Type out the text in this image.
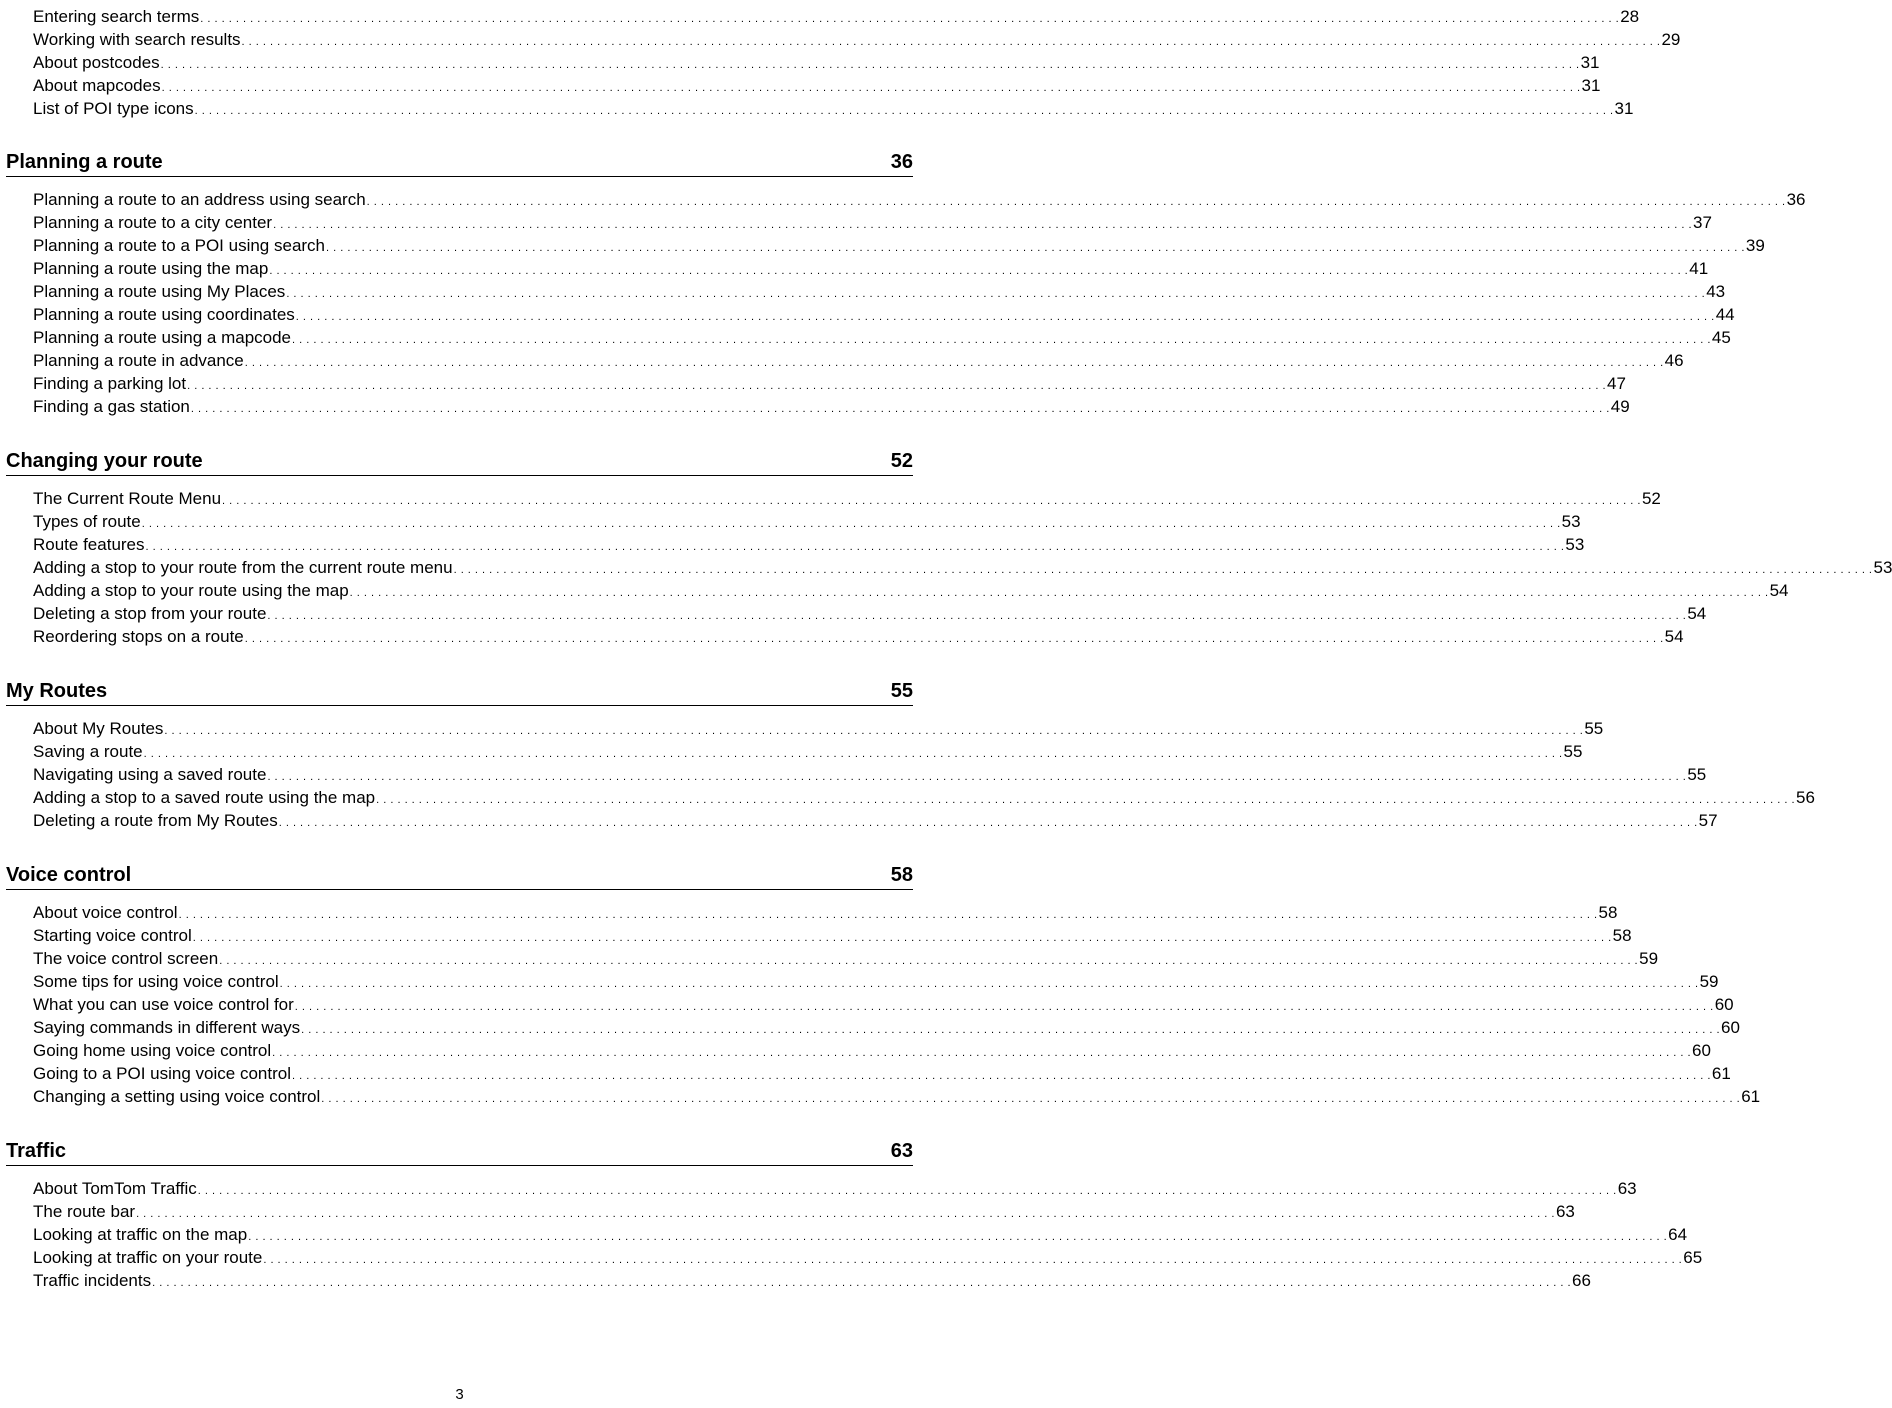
Entering search terms . . . . . . . . . . . . . . . . . . . . . . . . . . . . . . . . . . . . . . . . . . . . . . . . . . . . . . . . . . . . . . . . . . . . . . . . . . . . . . . . . . . . . . . . . . . . . . . . . . . . . . . . . . . . . . . . . . . . . . . . . . . . . . . . . . . . . . . . . . . . . . . . . . . . . . . . . . . . . . . . . . . . . . . . . . . . . . . . . . . . . . . . . . . . . . . . . . . . . . . . 28
Working with search results . . . . . . . . . . . . . . . . . . . . . . . . . . . . . . . . . . . . . . . . . . . . . . . . . . . . . . . . . . . . . . . . . . . . . . . . . . . . . . . . . . . . . . . . . . . . . . . . . . . . . . . . . . . . . . . . . . . . . . . . . . . . . . . . . . . . . . . . . . . . . . . . . . . . . . . . . . . . . . . . . . . . . . . . . . . . . . . . . . . . . . . . . . . . . . . . . . . . . . . . 29
About postcodes . . . . . . . . . . . . . . . . . . . . . . . . . . . . . . . . . . . . . . . . . . . . . . . . . . . . . . . . . . . . . . . . . . . . . . . . . . . . . . . . . . . . . . . . . . . . . . . . . . . . . . . . . . . . . . . . . . . . . . . . . . . . . . . . . . . . . . . . . . . . . . . . . . . . . . . . . . . . . . . . . . . . . . . . . . . . . . . . . . . . . . . . . . . . . . . . . . . . . . . . 31
About mapcodes . . . . . . . . . . . . . . . . . . . . . . . . . . . . . . . . . . . . . . . . . . . . . . . . . . . . . . . . . . . . . . . . . . . . . . . . . . . . . . . . . . . . . . . . . . . . . . . . . . . . . . . . . . . . . . . . . . . . . . . . . . . . . . . . . . . . . . . . . . . . . . . . . . . . . . . . . . . . . . . . . . . . . . . . . . . . . . . . . . . . . . . . . . . . . . . . . . . . . . . . 31
List of POI type icons . . . . . . . . . . . . . . . . . . . . . . . . . . . . . . . . . . . . . . . . . . . . . . . . . . . . . . . . . . . . . . . . . . . . . . . . . . . . . . . . . . . . . . . . . . . . . . . . . . . . . . . . . . . . . . . . . . . . . . . . . . . . . . . . . . . . . . . . . . . . . . . . . . . . . . . . . . . . . . . . . . . . . . . . . . . . . . . . . . . . . . . . . . . . . . . . . . . . . . . . 31
Planning a route	36
Planning a route to an address using search . . . . . . . . . . . . . . . . . . . . . . . . . . . . . . . . . . . . . . . . . . . . . . . . . . . . . . . . . . . . . . . . . . . . . . . . . . . . . . . . . . . . . . . . . . . . . . . . . . . . . . . . . . . . . . . . . . . . . . . . . . . . . . . . . . . . . . . . . . . . . . . . . . . . . . . . . . . . . . . . . . . . . . . . . . . . . . . . . . . . . . . . . . . . . . . . . . . . . . . . 36
Planning a route to a city center . . . . . . . . . . . . . . . . . . . . . . . . . . . . . . . . . . . . . . . . . . . . . . . . . . . . . . . . . . . . . . . . . . . . . . . . . . . . . . . . . . . . . . . . . . . . . . . . . . . . . . . . . . . . . . . . . . . . . . . . . . . . . . . . . . . . . . . . . . . . . . . . . . . . . . . . . . . . . . . . . . . . . . . . . . . . . . . . . . . . . . . . . . . . . . . . . . . . . . . . 37
Planning a route to a POI using search . . . . . . . . . . . . . . . . . . . . . . . . . . . . . . . . . . . . . . . . . . . . . . . . . . . . . . . . . . . . . . . . . . . . . . . . . . . . . . . . . . . . . . . . . . . . . . . . . . . . . . . . . . . . . . . . . . . . . . . . . . . . . . . . . . . . . . . . . . . . . . . . . . . . . . . . . . . . . . . . . . . . . . . . . . . . . . . . . . . . . . . . . . . . . . . . . . . . . . . . 39
Planning a route using the map . . . . . . . . . . . . . . . . . . . . . . . . . . . . . . . . . . . . . . . . . . . . . . . . . . . . . . . . . . . . . . . . . . . . . . . . . . . . . . . . . . . . . . . . . . . . . . . . . . . . . . . . . . . . . . . . . . . . . . . . . . . . . . . . . . . . . . . . . . . . . . . . . . . . . . . . . . . . . . . . . . . . . . . . . . . . . . . . . . . . . . . . . . . . . . . . . . . . . . . . 41
Planning a route using My Places . . . . . . . . . . . . . . . . . . . . . . . . . . . . . . . . . . . . . . . . . . . . . . . . . . . . . . . . . . . . . . . . . . . . . . . . . . . . . . . . . . . . . . . . . . . . . . . . . . . . . . . . . . . . . . . . . . . . . . . . . . . . . . . . . . . . . . . . . . . . . . . . . . . . . . . . . . . . . . . . . . . . . . . . . . . . . . . . . . . . . . . . . . . . . . . . . . . . . . . . 43
Planning a route using coordinates . . . . . . . . . . . . . . . . . . . . . . . . . . . . . . . . . . . . . . . . . . . . . . . . . . . . . . . . . . . . . . . . . . . . . . . . . . . . . . . . . . . . . . . . . . . . . . . . . . . . . . . . . . . . . . . . . . . . . . . . . . . . . . . . . . . . . . . . . . . . . . . . . . . . . . . . . . . . . . . . . . . . . . . . . . . . . . . . . . . . . . . . . . . . . . . . . . . . . . . . 44
Planning a route using a mapcode . . . . . . . . . . . . . . . . . . . . . . . . . . . . . . . . . . . . . . . . . . . . . . . . . . . . . . . . . . . . . . . . . . . . . . . . . . . . . . . . . . . . . . . . . . . . . . . . . . . . . . . . . . . . . . . . . . . . . . . . . . . . . . . . . . . . . . . . . . . . . . . . . . . . . . . . . . . . . . . . . . . . . . . . . . . . . . . . . . . . . . . . . . . . . . . . . . . . . . . . 45
Planning a route in advance . . . . . . . . . . . . . . . . . . . . . . . . . . . . . . . . . . . . . . . . . . . . . . . . . . . . . . . . . . . . . . . . . . . . . . . . . . . . . . . . . . . . . . . . . . . . . . . . . . . . . . . . . . . . . . . . . . . . . . . . . . . . . . . . . . . . . . . . . . . . . . . . . . . . . . . . . . . . . . . . . . . . . . . . . . . . . . . . . . . . . . . . . . . . . . . . . . . . . . . . 46
Finding a parking lot . . . . . . . . . . . . . . . . . . . . . . . . . . . . . . . . . . . . . . . . . . . . . . . . . . . . . . . . . . . . . . . . . . . . . . . . . . . . . . . . . . . . . . . . . . . . . . . . . . . . . . . . . . . . . . . . . . . . . . . . . . . . . . . . . . . . . . . . . . . . . . . . . . . . . . . . . . . . . . . . . . . . . . . . . . . . . . . . . . . . . . . . . . . . . . . . . . . . . . . . 47
Finding a gas station . . . . . . . . . . . . . . . . . . . . . . . . . . . . . . . . . . . . . . . . . . . . . . . . . . . . . . . . . . . . . . . . . . . . . . . . . . . . . . . . . . . . . . . . . . . . . . . . . . . . . . . . . . . . . . . . . . . . . . . . . . . . . . . . . . . . . . . . . . . . . . . . . . . . . . . . . . . . . . . . . . . . . . . . . . . . . . . . . . . . . . . . . . . . . . . . . . . . . . . . 49
Changing your route	52
The Current Route Menu . . . . . . . . . . . . . . . . . . . . . . . . . . . . . . . . . . . . . . . . . . . . . . . . . . . . . . . . . . . . . . . . . . . . . . . . . . . . . . . . . . . . . . . . . . . . . . . . . . . . . . . . . . . . . . . . . . . . . . . . . . . . . . . . . . . . . . . . . . . . . . . . . . . . . . . . . . . . . . . . . . . . . . . . . . . . . . . . . . . . . . . . . . . . . . . . . . . . . . . . 52
Types of route . . . . . . . . . . . . . . . . . . . . . . . . . . . . . . . . . . . . . . . . . . . . . . . . . . . . . . . . . . . . . . . . . . . . . . . . . . . . . . . . . . . . . . . . . . . . . . . . . . . . . . . . . . . . . . . . . . . . . . . . . . . . . . . . . . . . . . . . . . . . . . . . . . . . . . . . . . . . . . . . . . . . . . . . . . . . . . . . . . . . . . . . . . . . . . . . . . . . . . . . 53
Route features . . . . . . . . . . . . . . . . . . . . . . . . . . . . . . . . . . . . . . . . . . . . . . . . . . . . . . . . . . . . . . . . . . . . . . . . . . . . . . . . . . . . . . . . . . . . . . . . . . . . . . . . . . . . . . . . . . . . . . . . . . . . . . . . . . . . . . . . . . . . . . . . . . . . . . . . . . . . . . . . . . . . . . . . . . . . . . . . . . . . . . . . . . . . . . . . . . . . . . . . 53
Adding a stop to your route from the current route menu . . . . . . . . . . . . . . . . . . . . . . . . . . . . . . . . . . . . . . . . . . . . . . . . . . . . . . . . . . . . . . . . . . . . . . . . . . . . . . . . . . . . . . . . . . . . . . . . . . . . . . . . . . . . . . . . . . . . . . . . . . . . . . . . . . . . . . . . . . . . . . . . . . . . . . . . . . . . . . . . . . . . . . . . . . . . . . . . . . . . . . . . . . . . . . . . . . . . . . . . 53
Adding a stop to your route using the map . . . . . . . . . . . . . . . . . . . . . . . . . . . . . . . . . . . . . . . . . . . . . . . . . . . . . . . . . . . . . . . . . . . . . . . . . . . . . . . . . . . . . . . . . . . . . . . . . . . . . . . . . . . . . . . . . . . . . . . . . . . . . . . . . . . . . . . . . . . . . . . . . . . . . . . . . . . . . . . . . . . . . . . . . . . . . . . . . . . . . . . . . . . . . . . . . . . . . . . . 54
Deleting a stop from your route . . . . . . . . . . . . . . . . . . . . . . . . . . . . . . . . . . . . . . . . . . . . . . . . . . . . . . . . . . . . . . . . . . . . . . . . . . . . . . . . . . . . . . . . . . . . . . . . . . . . . . . . . . . . . . . . . . . . . . . . . . . . . . . . . . . . . . . . . . . . . . . . . . . . . . . . . . . . . . . . . . . . . . . . . . . . . . . . . . . . . . . . . . . . . . . . . . . . . . . . 54
Reordering stops on a route . . . . . . . . . . . . . . . . . . . . . . . . . . . . . . . . . . . . . . . . . . . . . . . . . . . . . . . . . . . . . . . . . . . . . . . . . . . . . . . . . . . . . . . . . . . . . . . . . . . . . . . . . . . . . . . . . . . . . . . . . . . . . . . . . . . . . . . . . . . . . . . . . . . . . . . . . . . . . . . . . . . . . . . . . . . . . . . . . . . . . . . . . . . . . . . . . . . . . . . . 54
My Routes	55
About My Routes . . . . . . . . . . . . . . . . . . . . . . . . . . . . . . . . . . . . . . . . . . . . . . . . . . . . . . . . . . . . . . . . . . . . . . . . . . . . . . . . . . . . . . . . . . . . . . . . . . . . . . . . . . . . . . . . . . . . . . . . . . . . . . . . . . . . . . . . . . . . . . . . . . . . . . . . . . . . . . . . . . . . . . . . . . . . . . . . . . . . . . . . . . . . . . . . . . . . . . . . 55
Saving a route . . . . . . . . . . . . . . . . . . . . . . . . . . . . . . . . . . . . . . . . . . . . . . . . . . . . . . . . . . . . . . . . . . . . . . . . . . . . . . . . . . . . . . . . . . . . . . . . . . . . . . . . . . . . . . . . . . . . . . . . . . . . . . . . . . . . . . . . . . . . . . . . . . . . . . . . . . . . . . . . . . . . . . . . . . . . . . . . . . . . . . . . . . . . . . . . . . . . . . . . 55
Navigating using a saved route . . . . . . . . . . . . . . . . . . . . . . . . . . . . . . . . . . . . . . . . . . . . . . . . . . . . . . . . . . . . . . . . . . . . . . . . . . . . . . . . . . . . . . . . . . . . . . . . . . . . . . . . . . . . . . . . . . . . . . . . . . . . . . . . . . . . . . . . . . . . . . . . . . . . . . . . . . . . . . . . . . . . . . . . . . . . . . . . . . . . . . . . . . . . . . . . . . . . . . . . 55
Adding a stop to a saved route using the map . . . . . . . . . . . . . . . . . . . . . . . . . . . . . . . . . . . . . . . . . . . . . . . . . . . . . . . . . . . . . . . . . . . . . . . . . . . . . . . . . . . . . . . . . . . . . . . . . . . . . . . . . . . . . . . . . . . . . . . . . . . . . . . . . . . . . . . . . . . . . . . . . . . . . . . . . . . . . . . . . . . . . . . . . . . . . . . . . . . . . . . . . . . . . . . . . . . . . . . . 56
Deleting a route from My Routes . . . . . . . . . . . . . . . . . . . . . . . . . . . . . . . . . . . . . . . . . . . . . . . . . . . . . . . . . . . . . . . . . . . . . . . . . . . . . . . . . . . . . . . . . . . . . . . . . . . . . . . . . . . . . . . . . . . . . . . . . . . . . . . . . . . . . . . . . . . . . . . . . . . . . . . . . . . . . . . . . . . . . . . . . . . . . . . . . . . . . . . . . . . . . . . . . . . . . . . . 57
Voice control	58
About voice control . . . . . . . . . . . . . . . . . . . . . . . . . . . . . . . . . . . . . . . . . . . . . . . . . . . . . . . . . . . . . . . . . . . . . . . . . . . . . . . . . . . . . . . . . . . . . . . . . . . . . . . . . . . . . . . . . . . . . . . . . . . . . . . . . . . . . . . . . . . . . . . . . . . . . . . . . . . . . . . . . . . . . . . . . . . . . . . . . . . . . . . . . . . . . . . . . . . . . . . . 58
Starting voice control . . . . . . . . . . . . . . . . . . . . . . . . . . . . . . . . . . . . . . . . . . . . . . . . . . . . . . . . . . . . . . . . . . . . . . . . . . . . . . . . . . . . . . . . . . . . . . . . . . . . . . . . . . . . . . . . . . . . . . . . . . . . . . . . . . . . . . . . . . . . . . . . . . . . . . . . . . . . . . . . . . . . . . . . . . . . . . . . . . . . . . . . . . . . . . . . . . . . . . . . 58
The voice control screen . . . . . . . . . . . . . . . . . . . . . . . . . . . . . . . . . . . . . . . . . . . . . . . . . . . . . . . . . . . . . . . . . . . . . . . . . . . . . . . . . . . . . . . . . . . . . . . . . . . . . . . . . . . . . . . . . . . . . . . . . . . . . . . . . . . . . . . . . . . . . . . . . . . . . . . . . . . . . . . . . . . . . . . . . . . . . . . . . . . . . . . . . . . . . . . . . . . . . . . . 59
Some tips for using voice control . . . . . . . . . . . . . . . . . . . . . . . . . . . . . . . . . . . . . . . . . . . . . . . . . . . . . . . . . . . . . . . . . . . . . . . . . . . . . . . . . . . . . . . . . . . . . . . . . . . . . . . . . . . . . . . . . . . . . . . . . . . . . . . . . . . . . . . . . . . . . . . . . . . . . . . . . . . . . . . . . . . . . . . . . . . . . . . . . . . . . . . . . . . . . . . . . . . . . . . . 59
What you can use voice control for . . . . . . . . . . . . . . . . . . . . . . . . . . . . . . . . . . . . . . . . . . . . . . . . . . . . . . . . . . . . . . . . . . . . . . . . . . . . . . . . . . . . . . . . . . . . . . . . . . . . . . . . . . . . . . . . . . . . . . . . . . . . . . . . . . . . . . . . . . . . . . . . . . . . . . . . . . . . . . . . . . . . . . . . . . . . . . . . . . . . . . . . . . . . . . . . . . . . . . . . 60
Saying commands in different ways . . . . . . . . . . . . . . . . . . . . . . . . . . . . . . . . . . . . . . . . . . . . . . . . . . . . . . . . . . . . . . . . . . . . . . . . . . . . . . . . . . . . . . . . . . . . . . . . . . . . . . . . . . . . . . . . . . . . . . . . . . . . . . . . . . . . . . . . . . . . . . . . . . . . . . . . . . . . . . . . . . . . . . . . . . . . . . . . . . . . . . . . . . . . . . . . . . . . . . . . 60
Going home using voice control . . . . . . . . . . . . . . . . . . . . . . . . . . . . . . . . . . . . . . . . . . . . . . . . . . . . . . . . . . . . . . . . . . . . . . . . . . . . . . . . . . . . . . . . . . . . . . . . . . . . . . . . . . . . . . . . . . . . . . . . . . . . . . . . . . . . . . . . . . . . . . . . . . . . . . . . . . . . . . . . . . . . . . . . . . . . . . . . . . . . . . . . . . . . . . . . . . . . . . . . 60
Going to a POI using voice control . . . . . . . . . . . . . . . . . . . . . . . . . . . . . . . . . . . . . . . . . . . . . . . . . . . . . . . . . . . . . . . . . . . . . . . . . . . . . . . . . . . . . . . . . . . . . . . . . . . . . . . . . . . . . . . . . . . . . . . . . . . . . . . . . . . . . . . . . . . . . . . . . . . . . . . . . . . . . . . . . . . . . . . . . . . . . . . . . . . . . . . . . . . . . . . . . . . . . . . . 61
Changing a setting using voice control . . . . . . . . . . . . . . . . . . . . . . . . . . . . . . . . . . . . . . . . . . . . . . . . . . . . . . . . . . . . . . . . . . . . . . . . . . . . . . . . . . . . . . . . . . . . . . . . . . . . . . . . . . . . . . . . . . . . . . . . . . . . . . . . . . . . . . . . . . . . . . . . . . . . . . . . . . . . . . . . . . . . . . . . . . . . . . . . . . . . . . . . . . . . . . . . . . . . . . . . 61
Traffic	63
About TomTom Traffic . . . . . . . . . . . . . . . . . . . . . . . . . . . . . . . . . . . . . . . . . . . . . . . . . . . . . . . . . . . . . . . . . . . . . . . . . . . . . . . . . . . . . . . . . . . . . . . . . . . . . . . . . . . . . . . . . . . . . . . . . . . . . . . . . . . . . . . . . . . . . . . . . . . . . . . . . . . . . . . . . . . . . . . . . . . . . . . . . . . . . . . . . . . . . . . . . . . . . . . . 63
The route bar . . . . . . . . . . . . . . . . . . . . . . . . . . . . . . . . . . . . . . . . . . . . . . . . . . . . . . . . . . . . . . . . . . . . . . . . . . . . . . . . . . . . . . . . . . . . . . . . . . . . . . . . . . . . . . . . . . . . . . . . . . . . . . . . . . . . . . . . . . . . . . . . . . . . . . . . . . . . . . . . . . . . . . . . . . . . . . . . . . . . . . . . . . . . . . . . . . . . . . . . 63
Looking at traffic on the map . . . . . . . . . . . . . . . . . . . . . . . . . . . . . . . . . . . . . . . . . . . . . . . . . . . . . . . . . . . . . . . . . . . . . . . . . . . . . . . . . . . . . . . . . . . . . . . . . . . . . . . . . . . . . . . . . . . . . . . . . . . . . . . . . . . . . . . . . . . . . . . . . . . . . . . . . . . . . . . . . . . . . . . . . . . . . . . . . . . . . . . . . . . . . . . . . . . . . . . . 64
Looking at traffic on your route . . . . . . . . . . . . . . . . . . . . . . . . . . . . . . . . . . . . . . . . . . . . . . . . . . . . . . . . . . . . . . . . . . . . . . . . . . . . . . . . . . . . . . . . . . . . . . . . . . . . . . . . . . . . . . . . . . . . . . . . . . . . . . . . . . . . . . . . . . . . . . . . . . . . . . . . . . . . . . . . . . . . . . . . . . . . . . . . . . . . . . . . . . . . . . . . . . . . . . . . 65
Traffic incidents . . . . . . . . . . . . . . . . . . . . . . . . . . . . . . . . . . . . . . . . . . . . . . . . . . . . . . . . . . . . . . . . . . . . . . . . . . . . . . . . . . . . . . . . . . . . . . . . . . . . . . . . . . . . . . . . . . . . . . . . . . . . . . . . . . . . . . . . . . . . . . . . . . . . . . . . . . . . . . . . . . . . . . . . . . . . . . . . . . . . . . . . . . . . . . . . . . . . . . . . 66
3
